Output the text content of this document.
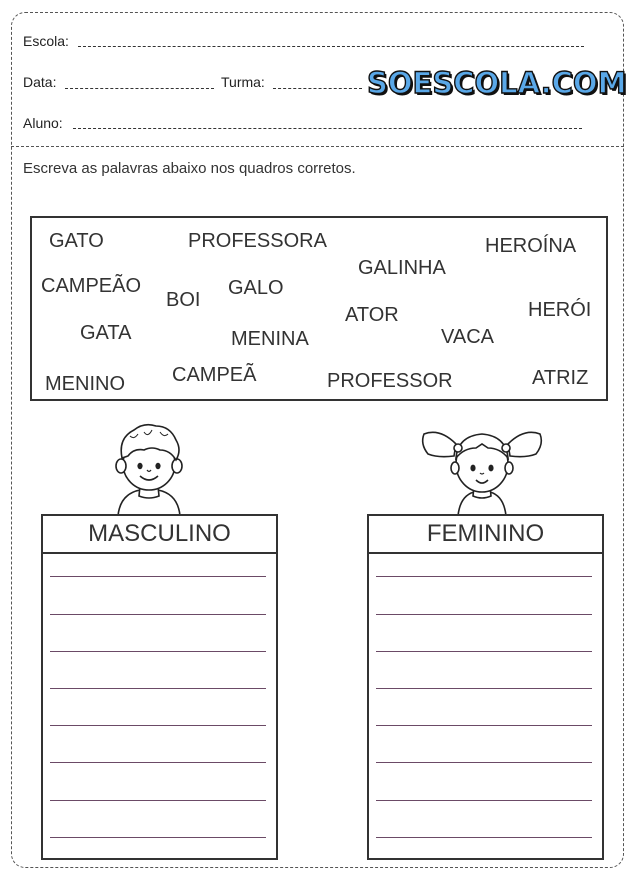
Escola:
Data:	Turma:	SOESCOLA.COM
Aluno:
Escreva as palavras abaixo nos quadros corretos.
GATO	PROFESSORA	HEROÍNA
GALINHA
CAMPEÃO
BOI
GALO
HERÓI
ATOR
GATA	MENINA	VACA
MENINO CAMPEÃ	PROFESSOR	ATRIZ
MASCULINO	FEMININO
